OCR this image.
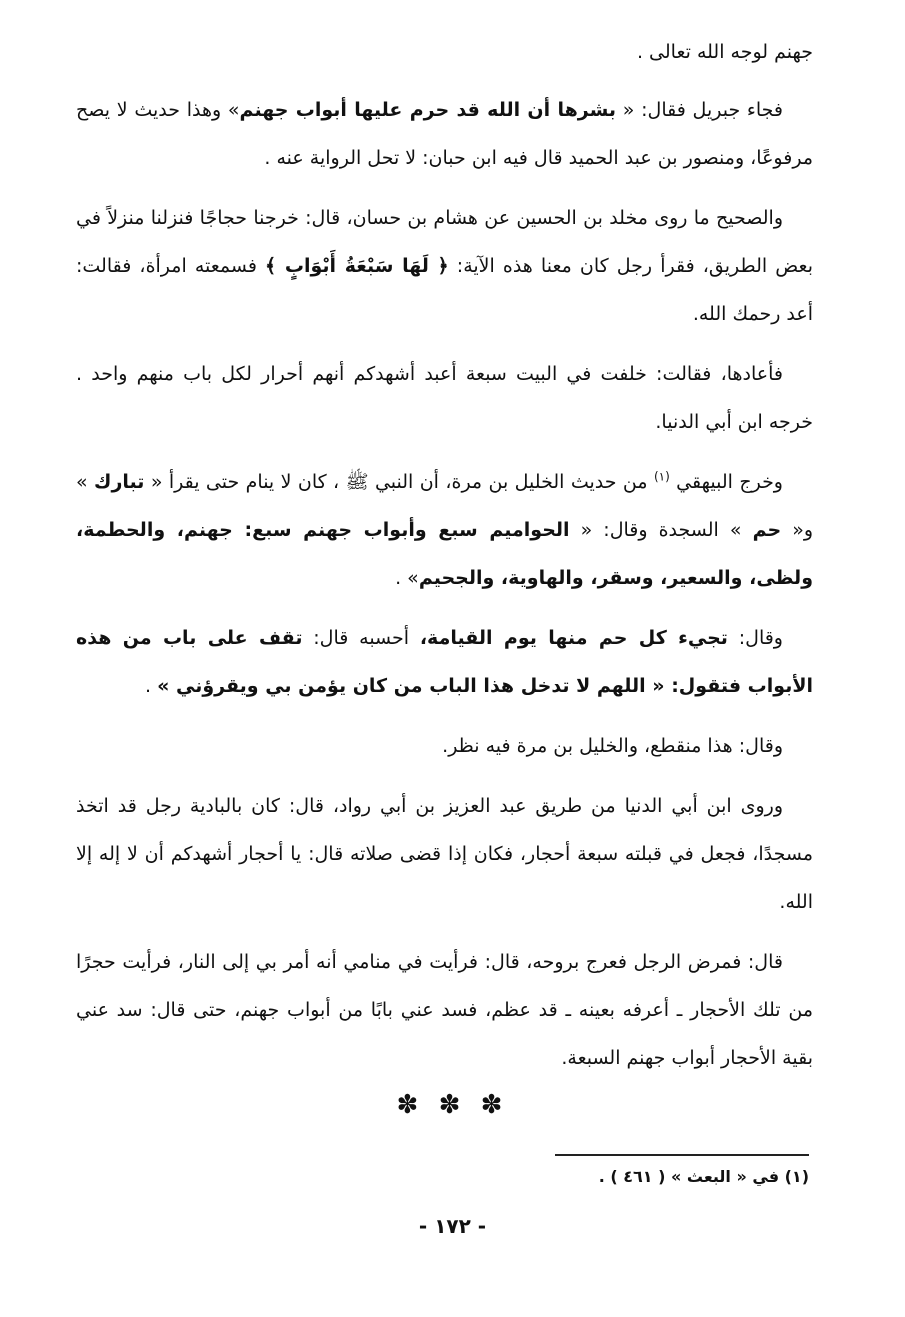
جهنم لوجه الله تعالى .

فجاء جبريل فقال: « بشرها أن الله قد حرم عليها أبواب جهنم» وهذا حديث لا يصح مرفوعًا، ومنصور بن عبد الحميد قال فيه ابن حبان: لا تحل الرواية عنه .

والصحيح ما روى مخلد بن الحسين عن هشام بن حسان، قال: خرجنا حجاجًا فنزلنا منزلاً في بعض الطريق، فقرأ رجل كان معنا هذه الآية: ﴿ لَهَا سَبْعَةُ أَبْوَابٍ ﴾ فسمعته امرأة، فقالت: أعد رحمك الله.

فأعادها، فقالت: خلفت في البيت سبعة أعبد أشهدكم أنهم أحرار لكل باب منهم واحد . خرجه ابن أبي الدنيا.

وخرج البيهقي $^{(١)}$ من حديث الخليل بن مرة، أن النبي ﷺ ، كان لا ينام حتى يقرأ « تبارك » و« حم » السجدة وقال: « الحواميم سبع وأبواب جهنم سبع: جهنم، والحطمة، ولظى، والسعير، وسقر، والهاوية، والجحيم» .

وقال: تجيء كل حم منها يوم القيامة، أحسبه قال: تقف على باب من هذه الأبواب فتقول: « اللهم لا تدخل هذا الباب من كان يؤمن بي ويقرؤني » .

وقال: هذا منقطع، والخليل بن مرة فيه نظر.

وروى ابن أبي الدنيا من طريق عبد العزيز بن أبي رواد، قال: كان بالبادية رجل قد اتخذ مسجدًا، فجعل في قبلته سبعة أحجار، فكان إذا قضى صلاته قال: يا أحجار أشهدكم أن لا إله إلا الله.

قال: فمرض الرجل فعرج بروحه، قال: فرأيت في منامي أنه أمر بي إلى النار، فرأيت حجرًا من تلك الأحجار ـ أعرفه بعينه ـ قد عظم، فسد عني بابًا من أبواب جهنم، حتى قال: سد عني بقية الأحجار أبواب جهنم السبعة.

✽ ✽ ✽
(١) في « البعث » ( ٤٦١ ) .
- ١٧٢ -
